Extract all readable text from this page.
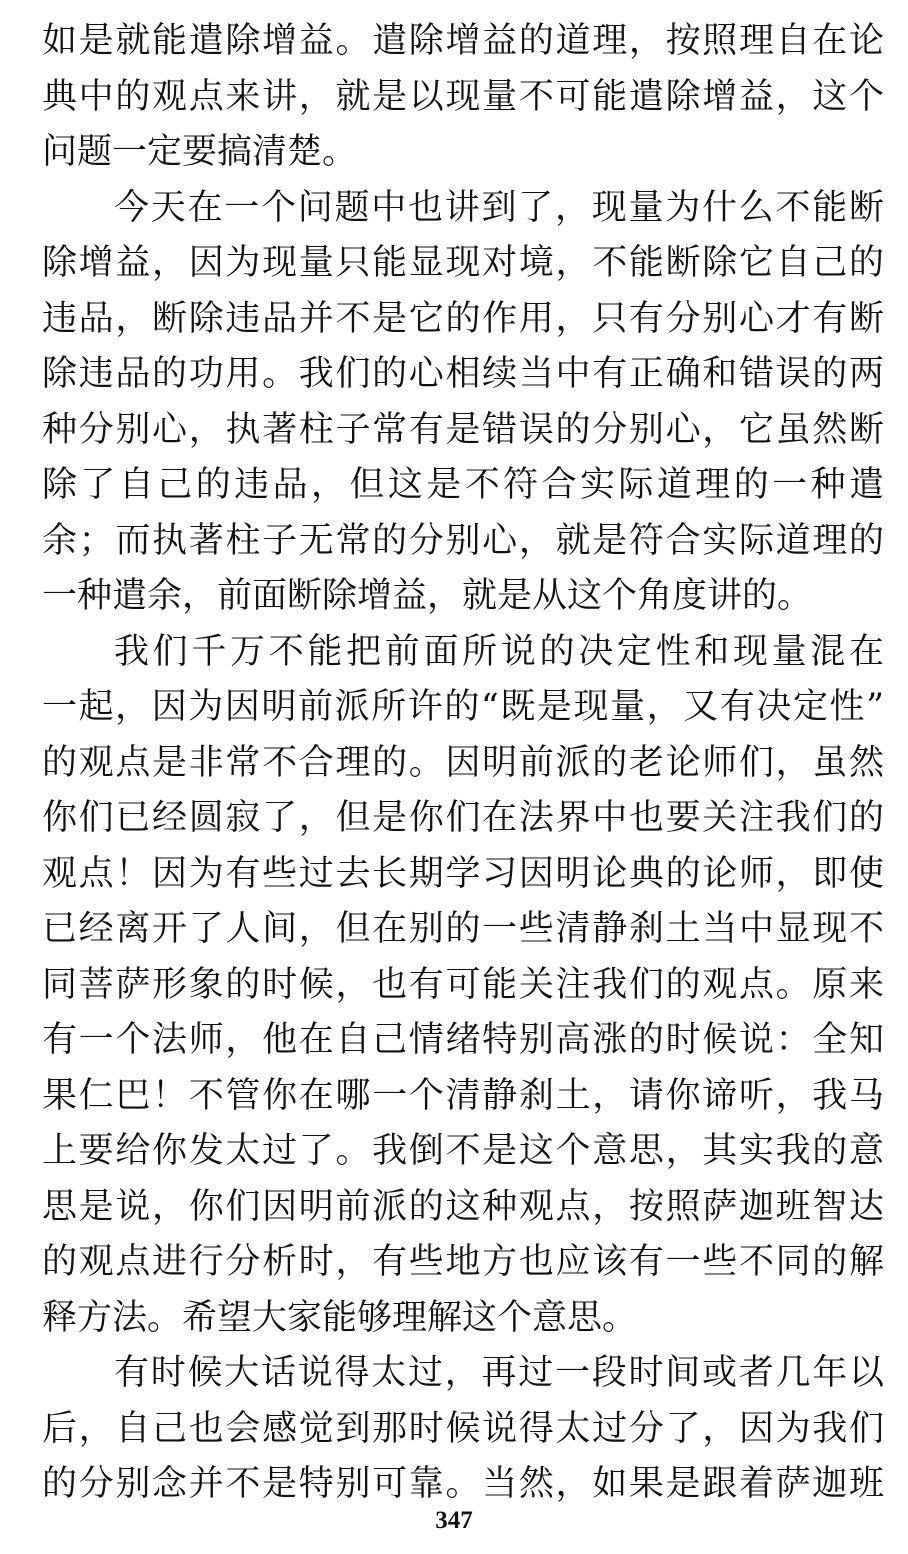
如是就能遣除增益。遣除增益的道理，按照理自在论
典中的观点来讲，就是以现量不可能遣除增益，这个
问题一定要搞清楚。
今天在一个问题中也讲到了，现量为什么不能断
除增益，因为现量只能显现对境，不能断除它自己的
违品，断除违品并不是它的作用，只有分别心才有断
除违品的功用。我们的心相续当中有正确和错误的两
种分别心，执著柱子常有是错误的分别心，它虽然断
除了自己的违品，但这是不符合实际道理的一种遣
余；而执著柱子无常的分别心，就是符合实际道理的
一种遣余，前面断除增益，就是从这个角度讲的。
我们千万不能把前面所说的决定性和现量混在
一起，因为因明前派所许的“既是现量，又有决定性”
的观点是非常不合理的。因明前派的老论师们，虽然
你们已经圆寂了，但是你们在法界中也要关注我们的
观点！因为有些过去长期学习因明论典的论师，即使
已经离开了人间，但在别的一些清静刹土当中显现不
同菩萨形象的时候，也有可能关注我们的观点。原来
有一个法师，他在自己情绪特别高涨的时候说：全知
果仁巴！不管你在哪一个清静刹土，请你谛听，我马
上要给你发太过了。我倒不是这个意思，其实我的意
思是说，你们因明前派的这种观点，按照萨迦班智达
的观点进行分析时，有些地方也应该有一些不同的解
释方法。希望大家能够理解这个意思。
有时候大话说得太过，再过一段时间或者几年以
后，自己也会感觉到那时候说得太过分了，因为我们
的分别念并不是特别可靠。当然，如果是跟着萨迦班
347
